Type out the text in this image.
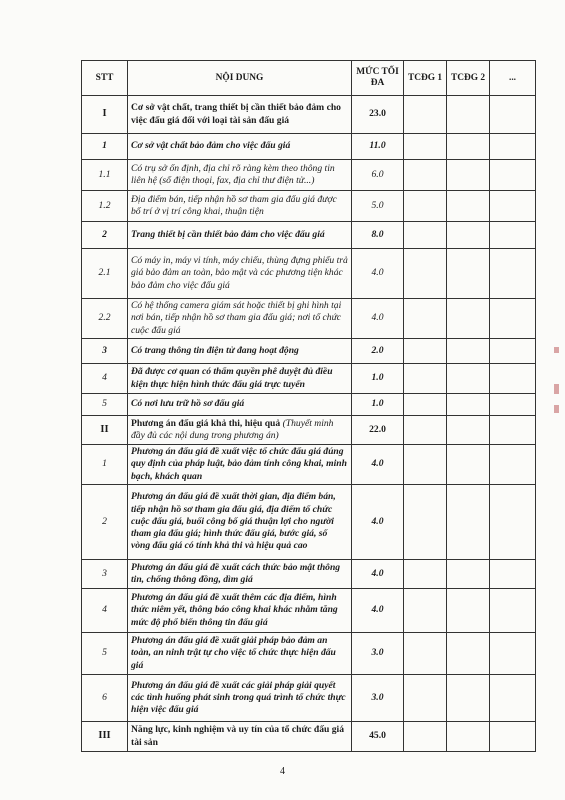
STT	NỘI DUNG	MỨC TỐI ĐA	TCĐG 1	TCĐG 2	...
I	Cơ sở vật chất, trang thiết bị cần thiết bảo đảm cho việc đấu giá đối với loại tài sản đấu giá	23.0			
1	Cơ sở vật chất bảo đảm cho việc đấu giá	11.0			
1.1	Có trụ sở ổn định, địa chỉ rõ ràng kèm theo thông tin liên hệ (số điện thoại, fax, địa chỉ thư điện tử...)	6.0			
1.2	Địa điểm bán, tiếp nhận hồ sơ tham gia đấu giá được bố trí ở vị trí công khai, thuận tiện	5.0			
2	Trang thiết bị cần thiết bảo đảm cho việc đấu giá	8.0			
2.1	Có máy in, máy vi tính, máy chiếu, thùng đựng phiếu trả giá bảo đảm an toàn, bảo mật và các phương tiện khác bảo đảm cho việc đấu giá	4.0			
2.2	Có hệ thống camera giám sát hoặc thiết bị ghi hình tại nơi bán, tiếp nhận hồ sơ tham gia đấu giá; nơi tổ chức cuộc đấu giá	4.0			
3	Có trang thông tin điện tử đang hoạt động	2.0			
4	Đã được cơ quan có thẩm quyền phê duyệt đủ điều kiện thực hiện hình thức đấu giá trực tuyến	1.0			
5	Có nơi lưu trữ hồ sơ đấu giá	1.0			
II	Phương án đấu giá khả thi, hiệu quả (Thuyết minh đầy đủ các nội dung trong phương án)	22.0			
1	Phương án đấu giá đề xuất việc tổ chức đấu giá đúng quy định của pháp luật, bảo đảm tính công khai, minh bạch, khách quan	4.0			
2	Phương án đấu giá đề xuất thời gian, địa điểm bán, tiếp nhận hồ sơ tham gia đấu giá, địa điểm tổ chức cuộc đấu giá, buổi công bố giá thuận lợi cho người tham gia đấu giá; hình thức đấu giá, bước giá, số vòng đấu giá có tính khả thi và hiệu quả cao	4.0			
3	Phương án đấu giá đề xuất cách thức bảo mật thông tin, chống thông đồng, dìm giá	4.0			
4	Phương án đấu giá đề xuất thêm các địa điểm, hình thức niêm yết, thông báo công khai khác nhằm tăng mức độ phổ biến thông tin đấu giá	4.0			
5	Phương án đấu giá đề xuất giải pháp bảo đảm an toàn, an ninh trật tự cho việc tổ chức thực hiện đấu giá	3.0			
6	Phương án đấu giá đề xuất các giải pháp giải quyết các tình huống phát sinh trong quá trình tổ chức thực hiện việc đấu giá	3.0			
III	Năng lực, kinh nghiệm và uy tín của tổ chức đấu giá tài sản	45.0			
4
